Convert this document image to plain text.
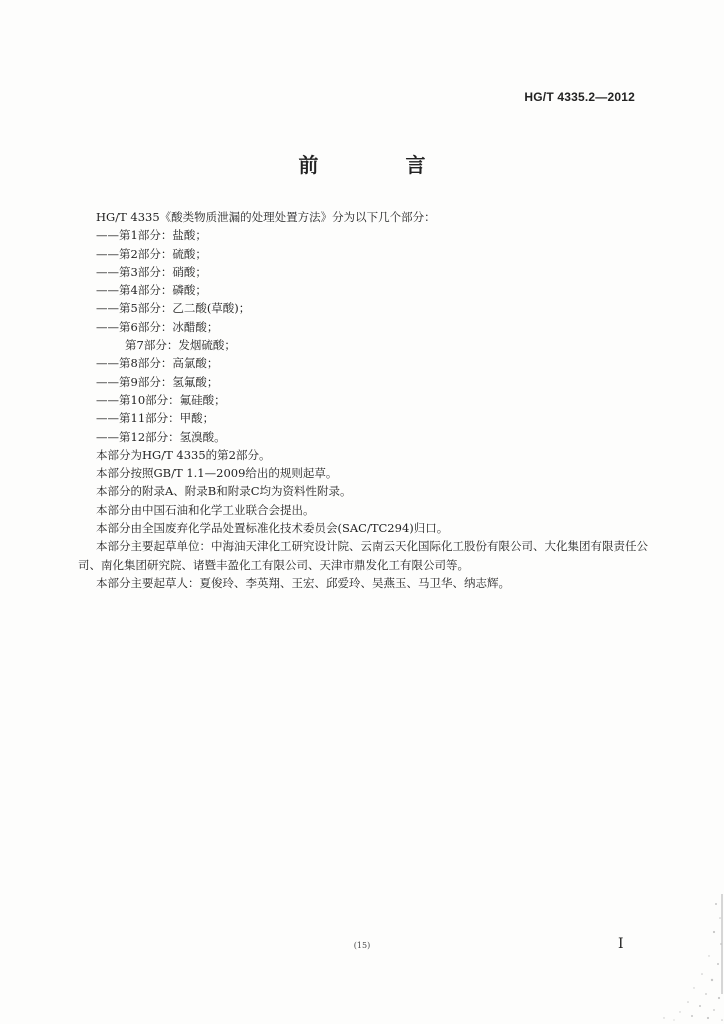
HG/T 4335.2—2012
前 言
HG/T 4335《酸类物质泄漏的处理处置方法》分为以下几个部分：
——第1部分：盐酸；
——第2部分：硫酸；
——第3部分：硝酸；
——第4部分：磷酸；
——第5部分：乙二酸(草酸)；
——第6部分：冰醋酸；
第7部分：发烟硫酸；
——第8部分：高氯酸；
——第9部分：氢氟酸；
——第10部分：氟硅酸；
——第11部分：甲酸；
——第12部分：氢溴酸。
本部分为HG/T 4335的第2部分。
本部分按照GB/T 1.1—2009给出的规则起草。
本部分的附录A、附录B和附录C均为资料性附录。
本部分由中国石油和化学工业联合会提出。
本部分由全国废弃化学品处置标准化技术委员会(SAC/TC294)归口。
本部分主要起草单位：中海油天津化工研究设计院、云南云天化国际化工股份有限公司、大化集团有限责任公司、南化集团研究院、诸暨丰盈化工有限公司、天津市鼎发化工有限公司等。
本部分主要起草人：夏俊玲、李英翔、王宏、邱爱玲、吴燕玉、马卫华、纳志辉。
(15)	I
